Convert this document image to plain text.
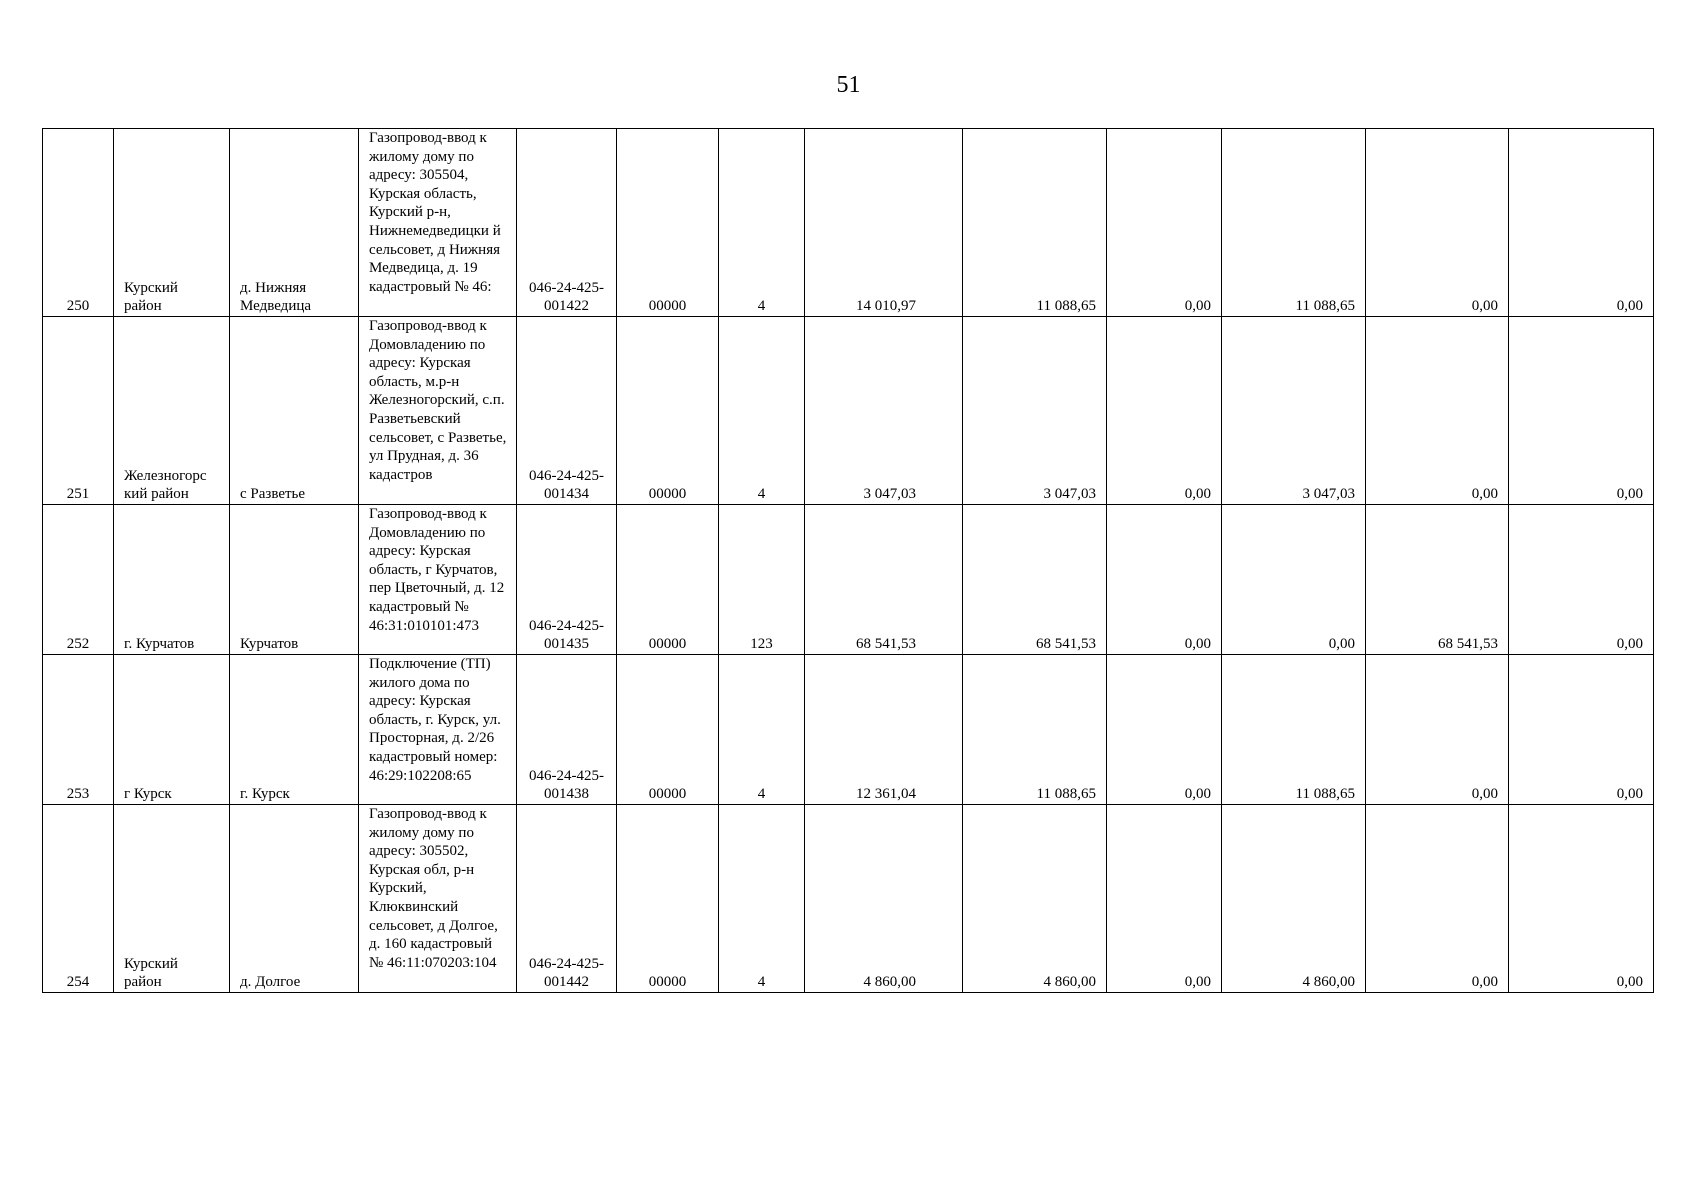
51
250	Курский район	д. Нижняя Медведица	Газопровод-ввод к жилому дому по адресу: 305504, Курская область, Курский р-н, Нижнемедведицки й сельсовет, д Нижняя Медведица, д. 19 кадастровый № 46:	046-24-425-001422	00000	4	14 010,97	11 088,65	0,00	11 088,65	0,00	0,00
251	Железногорс кий район	с Разветье	Газопровод-ввод к Домовладению по адресу: Курская область, м.р-н Железногорский, с.п. Разветьевский сельсовет, с Разветье, ул Прудная, д. 36 кадастров	046-24-425-001434	00000	4	3 047,03	3 047,03	0,00	3 047,03	0,00	0,00
252	г. Курчатов	Курчатов	Газопровод-ввод к Домовладению по адресу: Курская область, г Курчатов, пер Цветочный, д. 12 кадастровый № 46:31:010101:473	046-24-425-001435	00000	123	68 541,53	68 541,53	0,00	0,00	68 541,53	0,00
253	г Курск	г. Курск	Подключение (ТП) жилого дома по адресу: Курская область, г. Курск, ул. Просторная, д. 2/26 кадастровый номер: 46:29:102208:65	046-24-425-001438	00000	4	12 361,04	11 088,65	0,00	11 088,65	0,00	0,00
254	Курский район	д. Долгое	Газопровод-ввод к жилому дому по адресу: 305502, Курская обл, р-н Курский, Клюквинский сельсовет, д Долгое, д. 160 кадастровый № 46:11:070203:104	046-24-425-001442	00000	4	4 860,00	4 860,00	0,00	4 860,00	0,00	0,00
